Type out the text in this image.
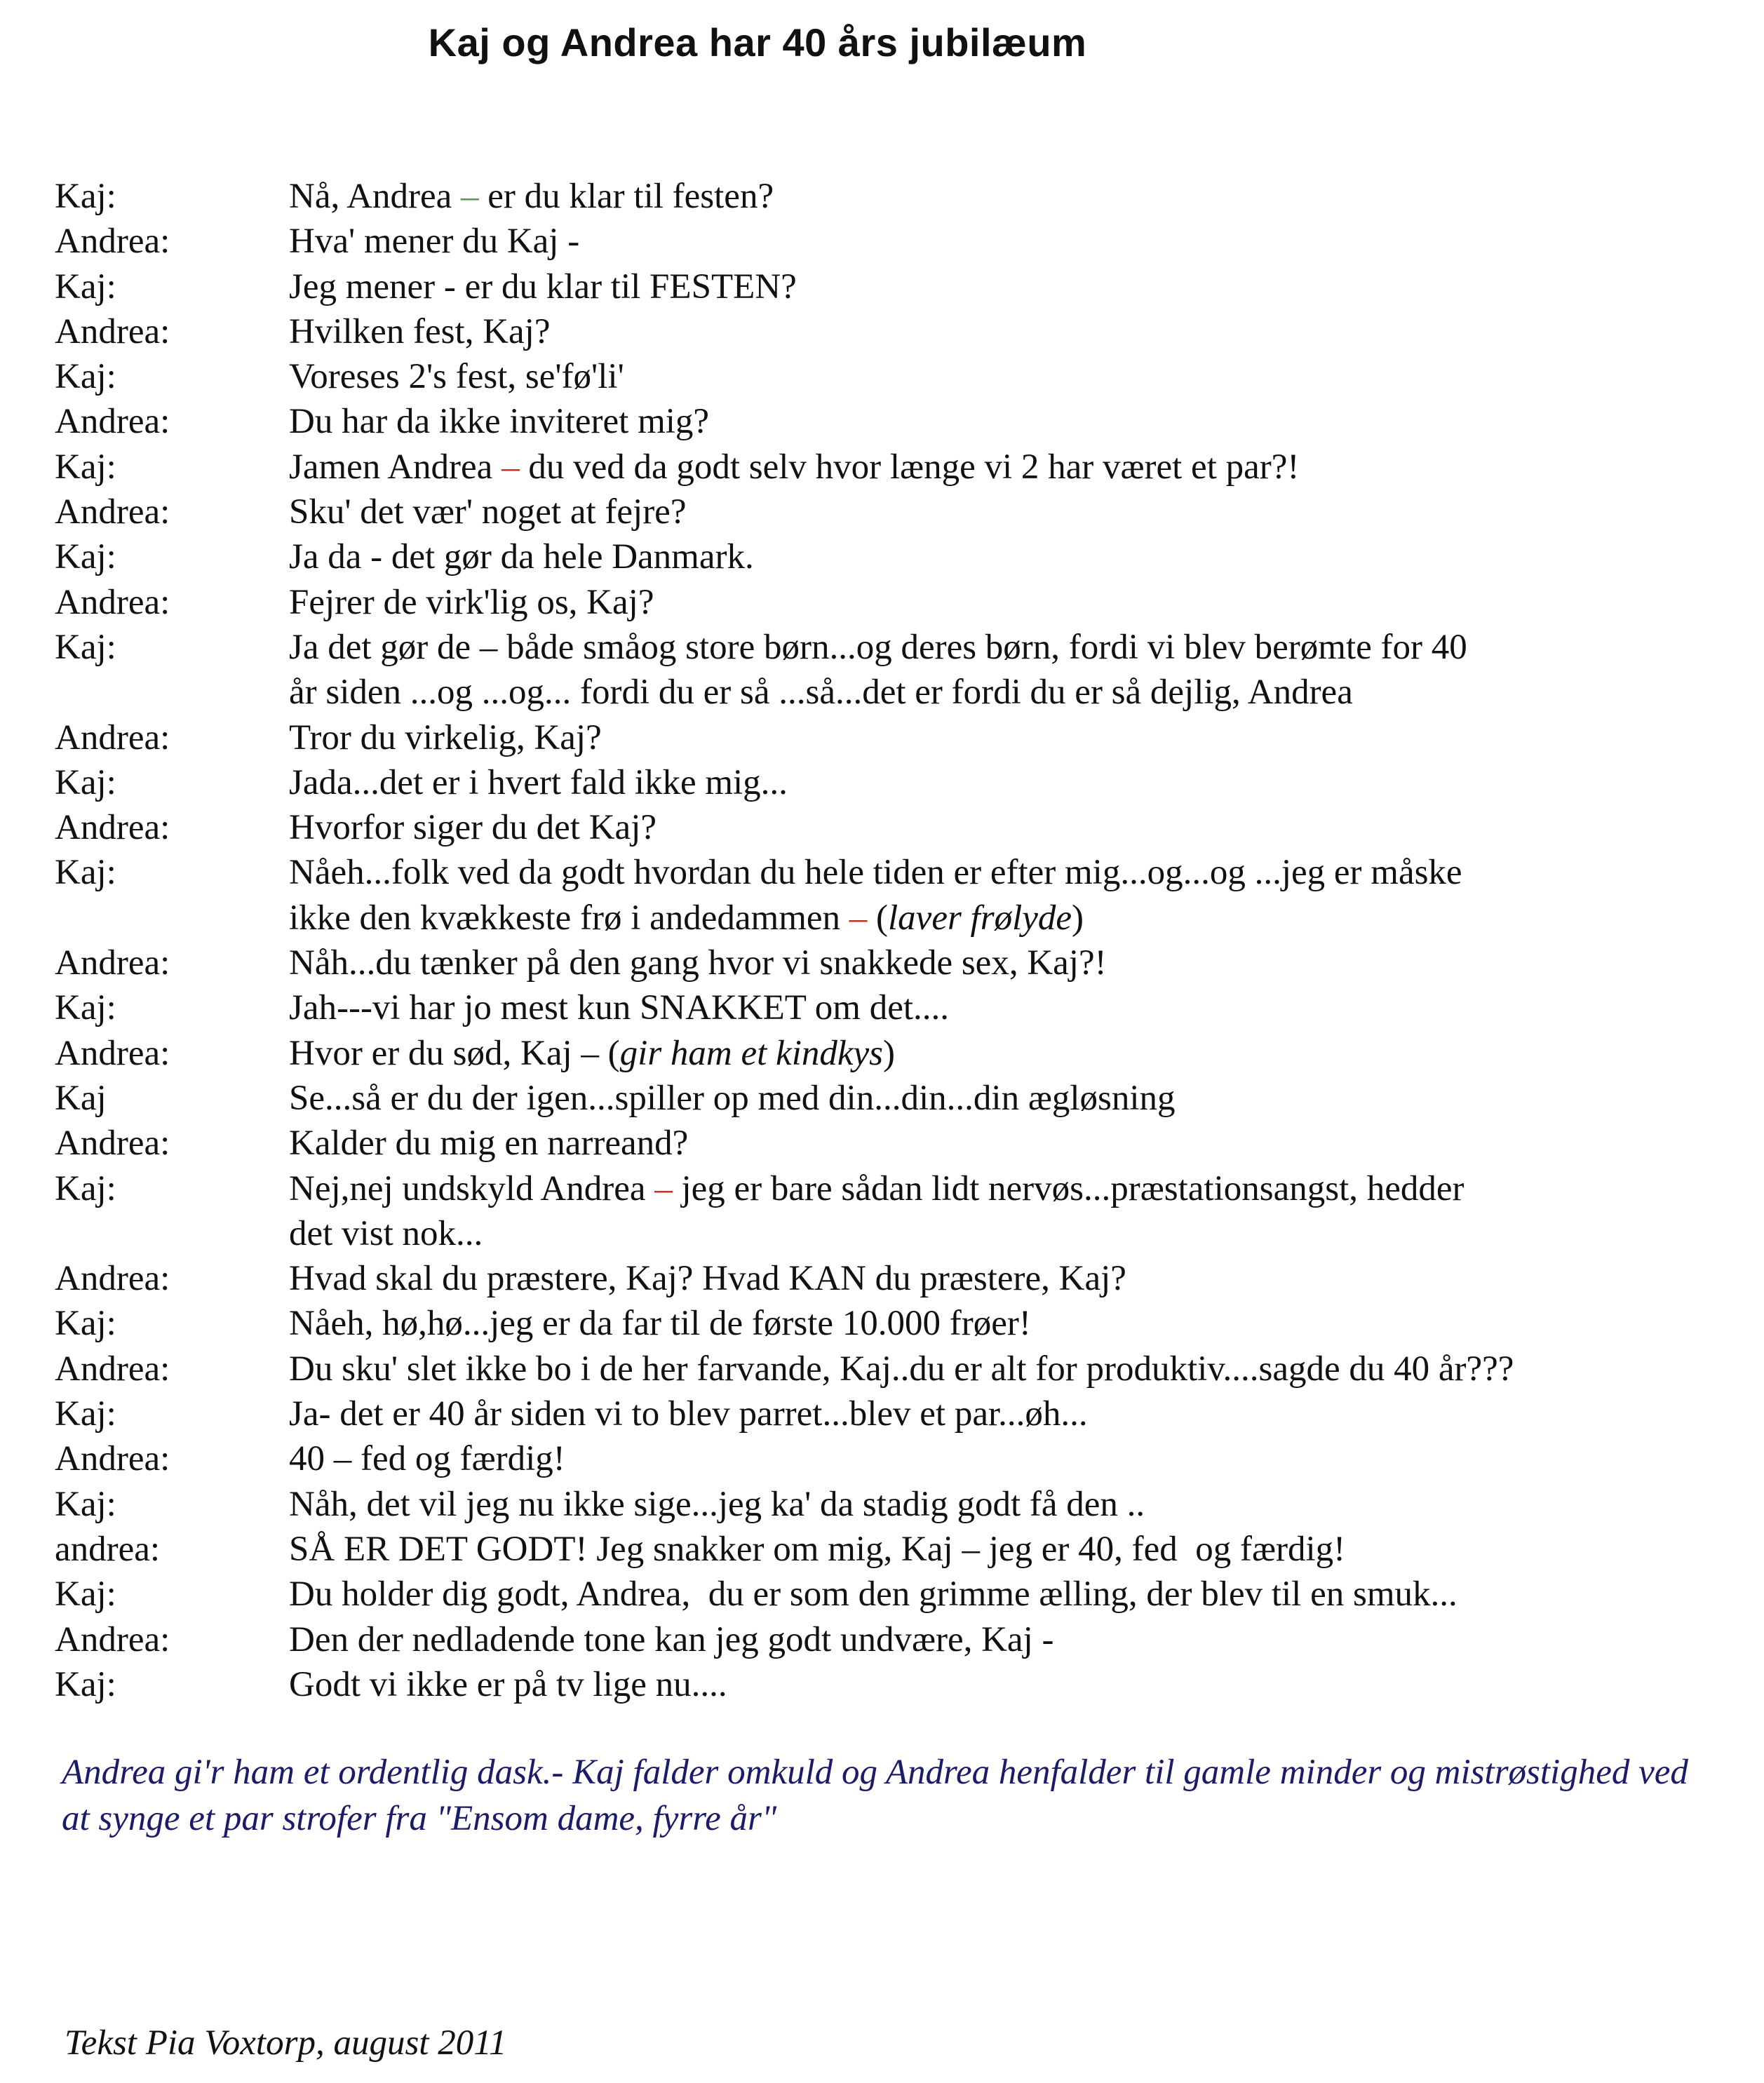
Kaj og Andrea har 40 års jubilæum
Kaj:	Nå, Andrea – er du klar til festen?
Andrea:	Hva' mener du Kaj -
Kaj:	Jeg mener - er du klar til FESTEN?
Andrea:	Hvilken fest, Kaj?
Kaj:	Voreses 2's fest, se'fø'li'
Andrea:	Du har da ikke inviteret mig?
Kaj:	Jamen Andrea – du ved da godt selv hvor længe vi 2 har været et par?!
Andrea:	Sku' det vær' noget at fejre?
Kaj:	Ja da - det gør da hele Danmark.
Andrea:	Fejrer de virk'lig os, Kaj?
Kaj:	Ja det gør de – både småog store børn...og deres børn, fordi vi blev berømte for 40
år siden ...og ...og... fordi du er så ...så...det er fordi du er så dejlig, Andrea
Andrea:	Tror du virkelig, Kaj?
Kaj:	Jada...det er i hvert fald ikke mig...
Andrea:	Hvorfor siger du det Kaj?
Kaj:	Nåeh...folk ved da godt hvordan du hele tiden er efter mig...og...og ...jeg er måske
ikke den kvækkeste frø i andedammen – (laver frølyde)
Andrea:	Nåh...du tænker på den gang hvor vi snakkede sex, Kaj?!
Kaj:	Jah---vi har jo mest kun SNAKKET om det....
Andrea:	Hvor er du sød, Kaj – (gir ham et kindkys)
Kaj	Se...så er du der igen...spiller op med din...din...din ægløsning
Andrea:	Kalder du mig en narreand?
Kaj:	Nej,nej undskyld Andrea – jeg er bare sådan lidt nervøs...præstationsangst, hedder
det vist nok...
Andrea:	Hvad skal du præstere, Kaj? Hvad KAN du præstere, Kaj?
Kaj:	Nåeh, hø,hø...jeg er da far til de første 10.000 frøer!
Andrea:	Du sku' slet ikke bo i de her farvande, Kaj..du er alt for produktiv....sagde du 40 år???
Kaj:	Ja- det er 40 år siden vi to blev parret...blev et par...øh...
Andrea:	40 – fed og færdig!
Kaj:	Nåh, det vil jeg nu ikke sige...jeg ka' da stadig godt få den ..
andrea:	SÅ ER DET GODT! Jeg snakker om mig, Kaj – jeg er 40, fed  og færdig!
Kaj:	Du holder dig godt, Andrea,  du er som den grimme ælling, der blev til en smuk...
Andrea:	Den der nedladende tone kan jeg godt undvære, Kaj -
Kaj:	Godt vi ikke er på tv lige nu....
Andrea gi'r ham et ordentlig dask.- Kaj falder omkuld og Andrea henfalder til gamle minder og mistrøstighed ved at synge et par strofer fra "Ensom dame, fyrre år"
Tekst Pia Voxtorp, august 2011
